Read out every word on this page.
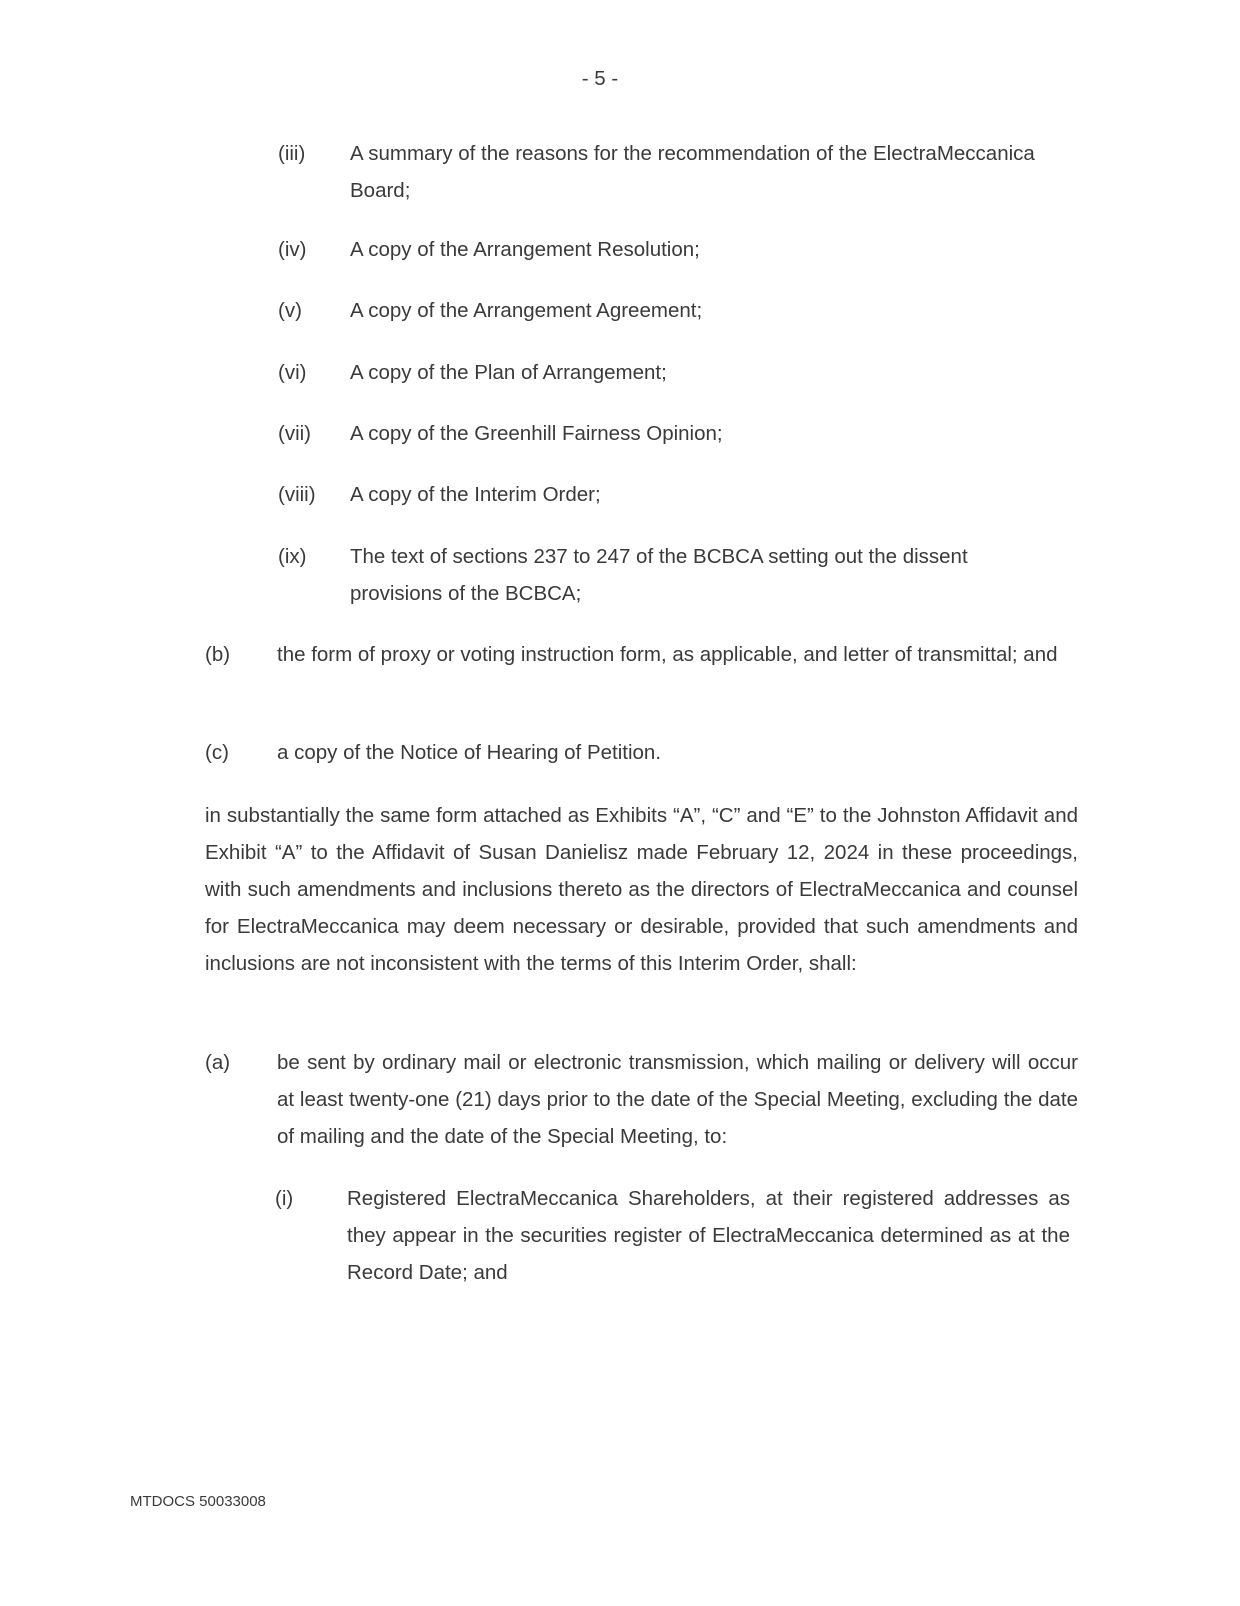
- 5 -
(iii)	A summary of the reasons for the recommendation of the ElectraMeccanica Board;
(iv)	A copy of the Arrangement Resolution;
(v)	A copy of the Arrangement Agreement;
(vi)	A copy of the Plan of Arrangement;
(vii)	A copy of the Greenhill Fairness Opinion;
(viii)	A copy of the Interim Order;
(ix)	The text of sections 237 to 247 of the BCBCA setting out the dissent provisions of the BCBCA;
(b)	the form of proxy or voting instruction form, as applicable, and letter of transmittal; and
(c)	a copy of the Notice of Hearing of Petition.
in substantially the same form attached as Exhibits “A”, “C” and “E” to the Johnston Affidavit and Exhibit “A” to the Affidavit of Susan Danielisz made February 12, 2024 in these proceedings, with such amendments and inclusions thereto as the directors of ElectraMeccanica and counsel for ElectraMeccanica may deem necessary or desirable, provided that such amendments and inclusions are not inconsistent with the terms of this Interim Order, shall:
(a)	be sent by ordinary mail or electronic transmission, which mailing or delivery will occur at least twenty-one (21) days prior to the date of the Special Meeting, excluding the date of mailing and the date of the Special Meeting, to:
(i)	Registered ElectraMeccanica Shareholders, at their registered addresses as they appear in the securities register of ElectraMeccanica determined as at the Record Date; and
MTDOCS 50033008
